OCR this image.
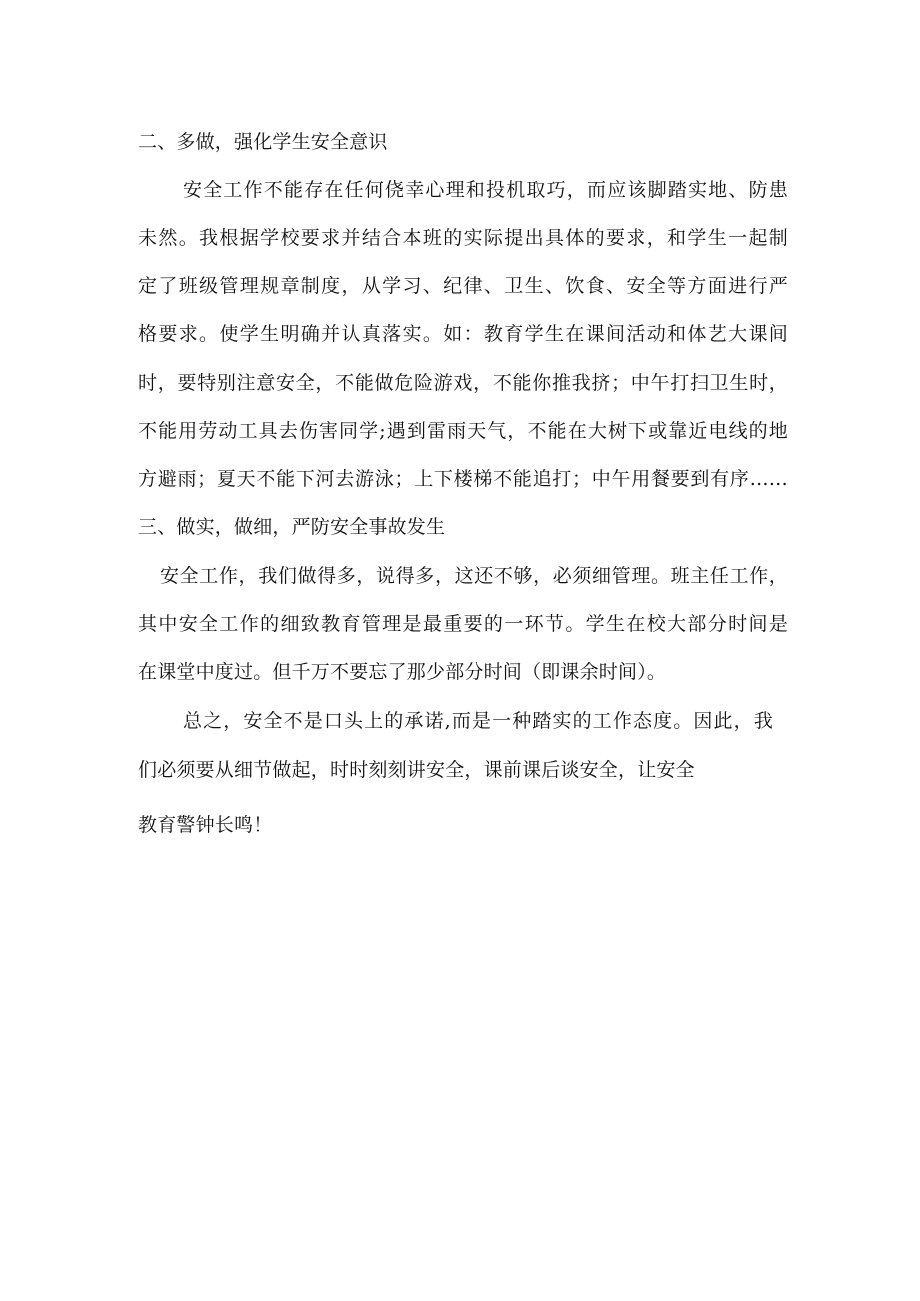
二、多做，强化学生安全意识
安全工作不能存在任何侥幸心理和投机取巧，而应该脚踏实地、防患
未然。我根据学校要求并结合本班的实际提出具体的要求，和学生一起制
定了班级管理规章制度，从学习、纪律、卫生、饮食、安全等方面进行严
格要求。使学生明确并认真落实。如：教育学生在课间活动和体艺大课间
时，要特别注意安全，不能做危险游戏，不能你推我挤；中午打扫卫生时，
不能用劳动工具去伤害同学;遇到雷雨天气，不能在大树下或靠近电线的地
方避雨；夏天不能下河去游泳；上下楼梯不能追打；中午用餐要到有序……
三、做实，做细，严防安全事故发生
安全工作，我们做得多，说得多，这还不够，必须细管理。班主任工作，
其中安全工作的细致教育管理是最重要的一环节。学生在校大部分时间是
在课堂中度过。但千万不要忘了那少部分时间（即课余时间）。
总之，安全不是口头上的承诺,而是一种踏实的工作态度。因此，我
们必须要从细节做起，时时刻刻讲安全，课前课后谈安全，让安全
教育警钟长鸣！
